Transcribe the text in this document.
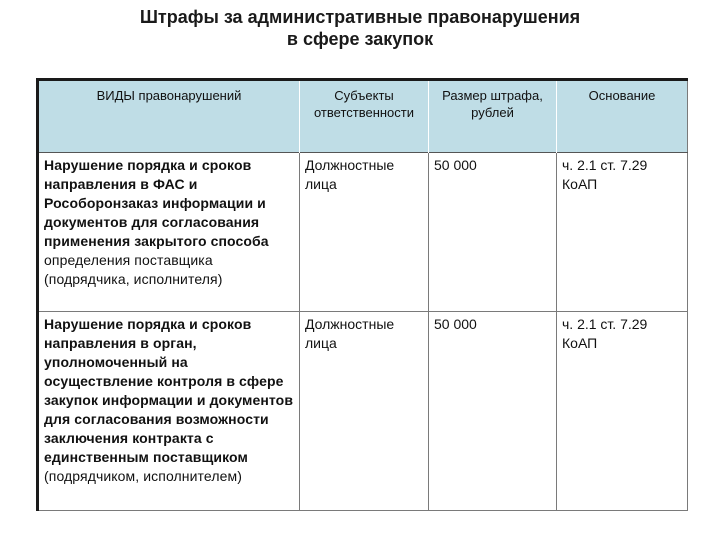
Штрафы за административные правонарушения
в сфере закупок
ВИДЫ правонарушений	Субъекты ответственности	Размер штрафа, рублей	Основание
Нарушение порядка и сроков направления в ФАС и Рособоронзаказ информации и документов для согласования применения закрытого способа определения поставщика (подрядчика, исполнителя)	Должностные лица	50 000	ч. 2.1 ст. 7.29 КоАП
Нарушение порядка и сроков направления в орган, уполномоченный на осуществление контроля в сфере закупок информации и документов для согласования возможности заключения контракта с единственным поставщиком (подрядчиком, исполнителем)	Должностные лица	50 000	ч. 2.1 ст. 7.29 КоАП
